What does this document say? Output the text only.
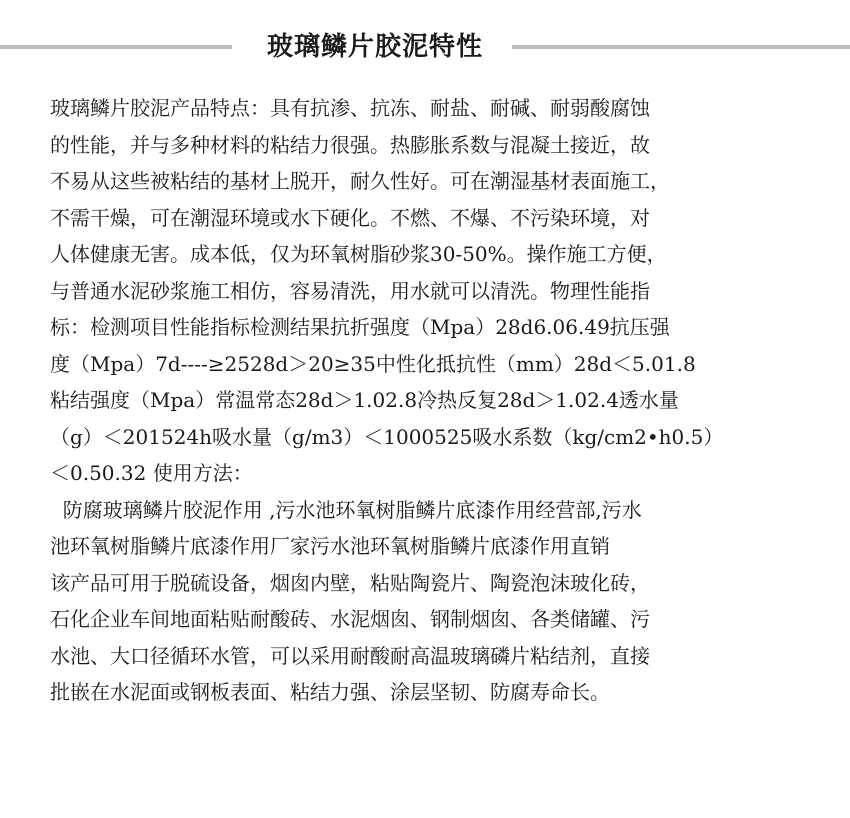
玻璃鳞片胶泥特性
玻璃鳞片胶泥产品特点：具有抗渗、抗冻、耐盐、耐碱、耐弱酸腐蚀
的性能，并与多种材料的粘结力很强。热膨胀系数与混凝土接近，故
不易从这些被粘结的基材上脱开，耐久性好。可在潮湿基材表面施工，
不需干燥，可在潮湿环境或水下硬化。不燃、不爆、不污染环境，对
人体健康无害。成本低，仅为环氧树脂砂浆30-50%。操作施工方便，
与普通水泥砂浆施工相仿，容易清洗，用水就可以清洗。物理性能指
标：检测项目性能指标检测结果抗折强度（Mpa）28d6.06.49抗压强
度（Mpa）7d----≥2528d＞20≥35中性化抵抗性（mm）28d＜5.01.8
粘结强度（Mpa）常温常态28d＞1.02.8冷热反复28d＞1.02.4透水量
（g）＜201524h吸水量（g/m3）＜1000525吸水系数（kg/cm2•h0.5）
＜0.50.32 使用方法：
防腐玻璃鳞片胶泥作用 ,污水池环氧树脂鳞片底漆作用经营部,污水
池环氧树脂鳞片底漆作用厂家污水池环氧树脂鳞片底漆作用直销
该产品可用于脱硫设备，烟囱内壁，粘贴陶瓷片、陶瓷泡沫玻化砖，
石化企业车间地面粘贴耐酸砖、水泥烟囱、钢制烟囱、各类储罐、污
水池、大口径循环水管，可以采用耐酸耐高温玻璃磷片粘结剂，直接
批嵌在水泥面或钢板表面、粘结力强、涂层坚韧、防腐寿命长。
